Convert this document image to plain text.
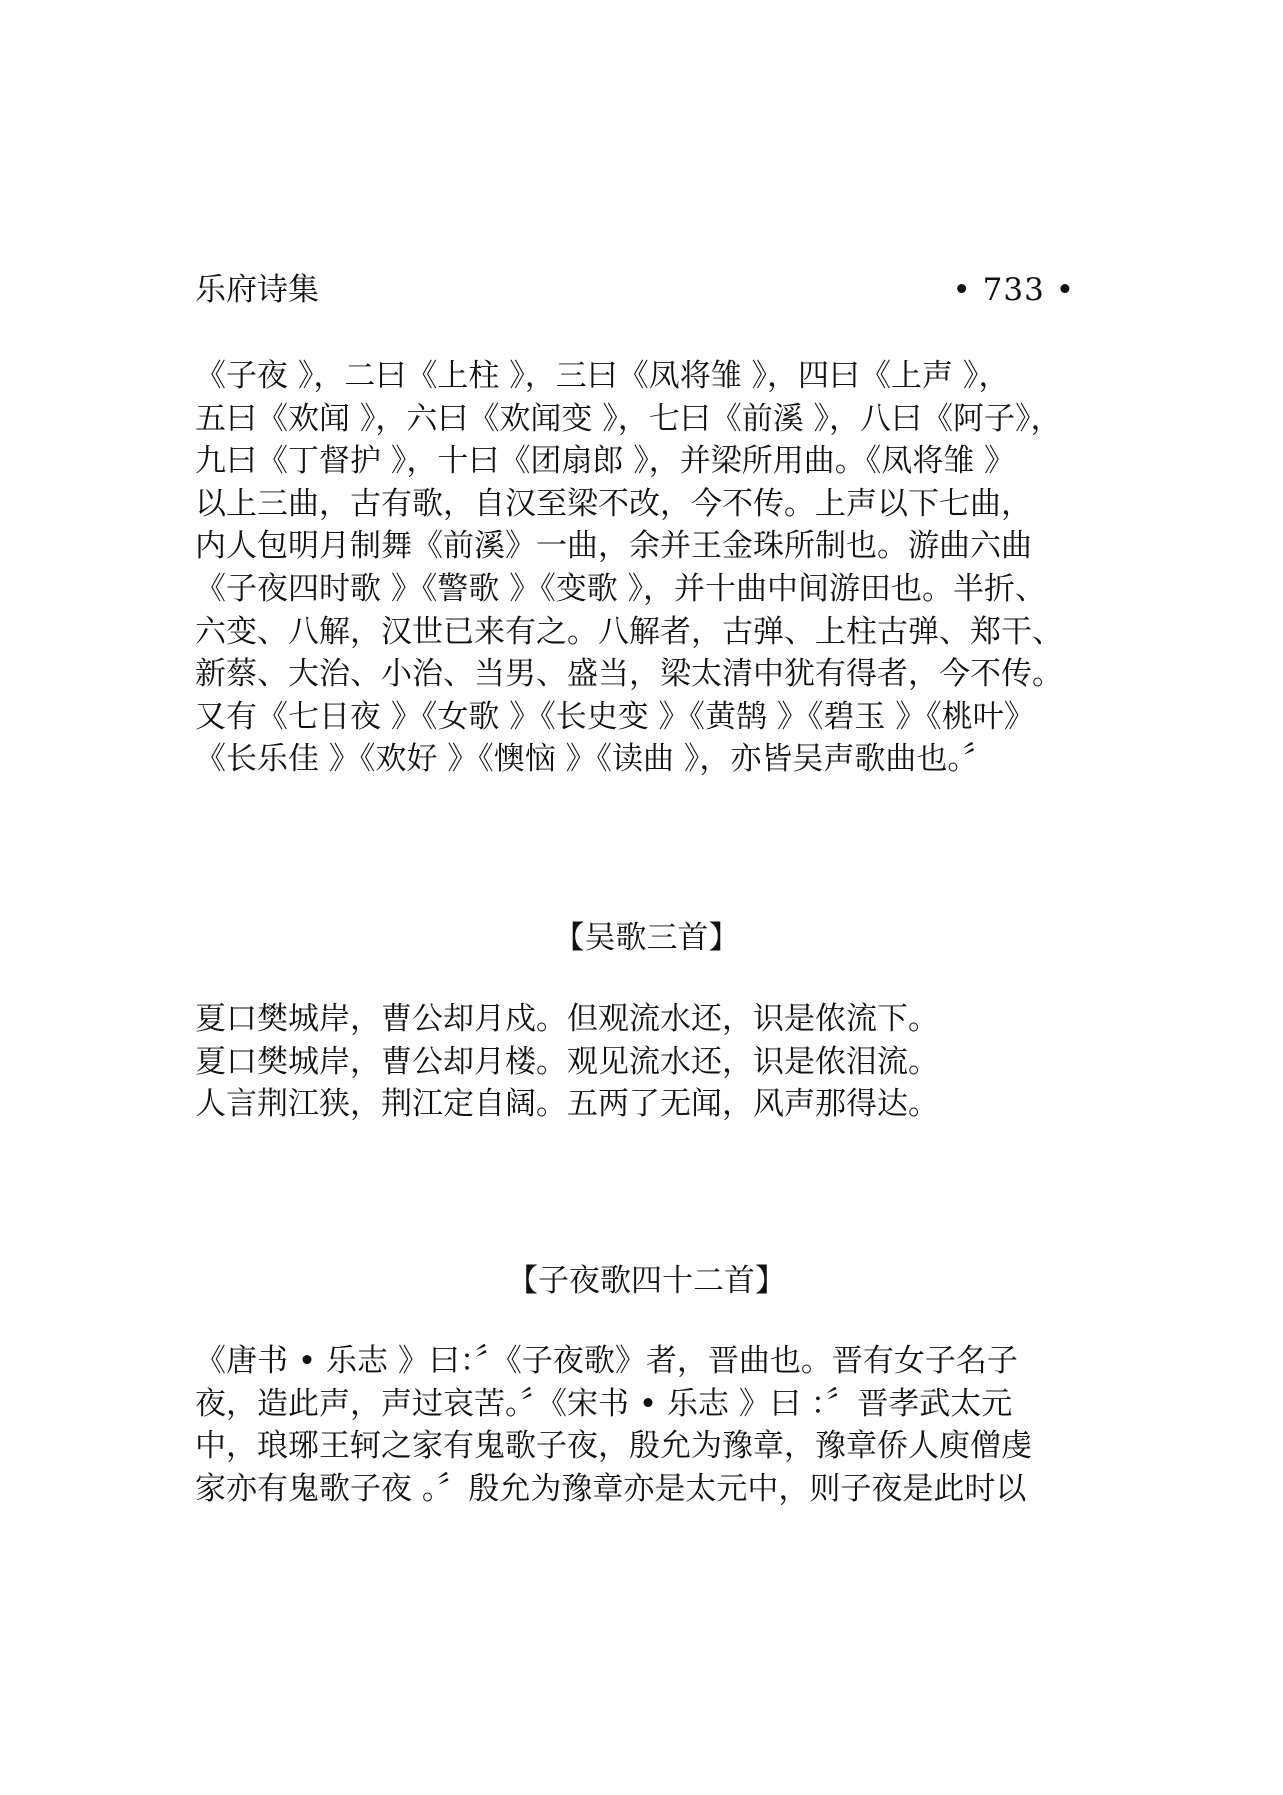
乐府诗集	• 733 •
《子夜 》，二曰《上柱 》，三曰《凤将雏 》，四曰《上声 》，
五曰《欢闻 》，六曰《欢闻变 》，七曰《前溪 》，八曰《阿子》，
九曰《丁督护 》，十曰《团扇郎 》，并梁所用曲。《凤将雏 》
以上三曲，古有歌，自汉至梁不改，今不传。上声以下七曲，
内人包明月制舞《前溪》一曲，余并王金珠所制也。游曲六曲
《子夜四时歌 》《警歌 》《变歌 》，并十曲中间游田也。半折、
六变、八解，汉世已来有之。八解者，古弹、上柱古弹、郑干、
新蔡、大治、小治、当男、盛当，梁太清中犹有得者，今不传。
又有《七日夜 》《女歌 》《长史变 》《黄鹄 》《碧玉 》《桃叶》
《长乐佳 》《欢好 》《懊恼 》《读曲 》，亦皆吴声歌曲也。〞
【吴歌三首】
夏口樊城岸，曹公却月戍。但观流水还，识是侬流下。
夏口樊城岸，曹公却月楼。观见流水还，识是侬泪流。
人言荆江狭，荆江定自阔。五两了无闻，风声那得达。
【子夜歌四十二首】
《唐书 • 乐志 》曰：〞《子夜歌》者，晋曲也。晋有女子名子
夜，造此声，声过哀苦。〞《宋书 • 乐志 》曰 ：〞晋孝武太元
中，琅琊王轲之家有鬼歌子夜，殷允为豫章，豫章侨人庾僧虔
家亦有鬼歌子夜 。〞殷允为豫章亦是太元中，则子夜是此时以
